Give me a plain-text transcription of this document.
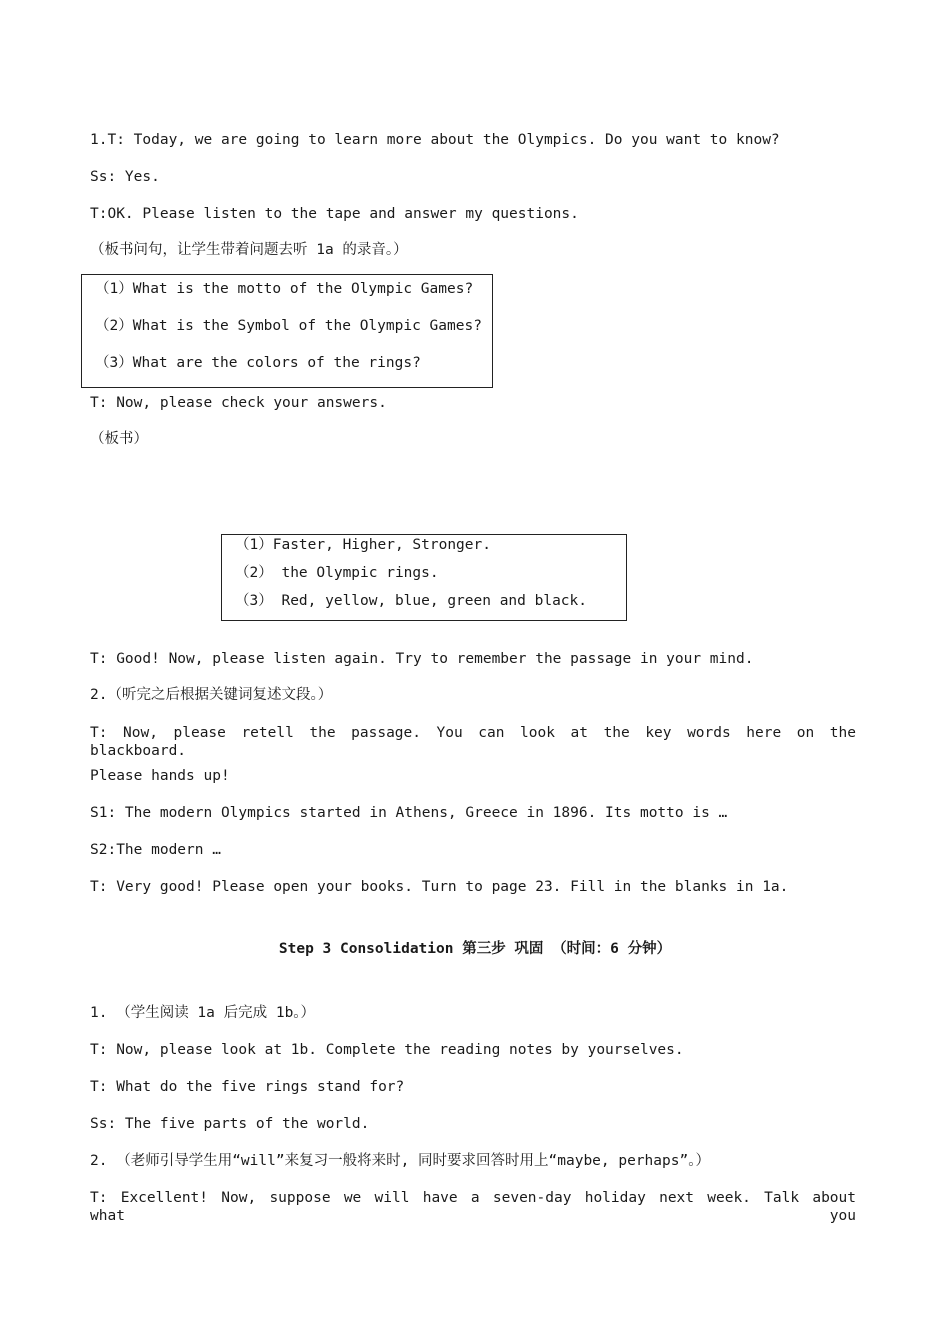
1.T: Today, we are going to learn more about the Olympics. Do you want to know?
Ss: Yes.
T:OK. Please listen to the tape and answer my questions.
（板书问句，让学生带着问题去听 1a 的录音。）
（1）What is the motto of the Olympic Games?
（2）What is the Symbol of the Olympic Games?
（3）What are the colors of the rings?
T: Now, please check your answers.
（板书）
（1）Faster, Higher, Stronger.
（2） the Olympic rings.
（3） Red, yellow, blue, green and black.
T: Good! Now, please listen again. Try to remember the passage in your mind.
2.（听完之后根据关键词复述文段。）
T: Now, please retell the passage. You can look at the key words here on the blackboard.
Please hands up!
S1: The modern Olympics started in Athens, Greece in 1896. Its motto is …
S2:The modern …
T: Very good! Please open your books. Turn to page 23. Fill in the blanks in 1a.
Step 3 Consolidation 第三步 巩固 （时间：6 分钟）
1. （学生阅读 1a 后完成 1b。）
T: Now, please look at 1b. Complete the reading notes by yourselves.
T: What do the five rings stand for?
Ss: The five parts of the world.
2. （老师引导学生用“will”来复习一般将来时, 同时要求回答时用上“maybe, perhaps”。）
T: Excellent! Now, suppose we will have a seven-day holiday next week. Talk about what you
